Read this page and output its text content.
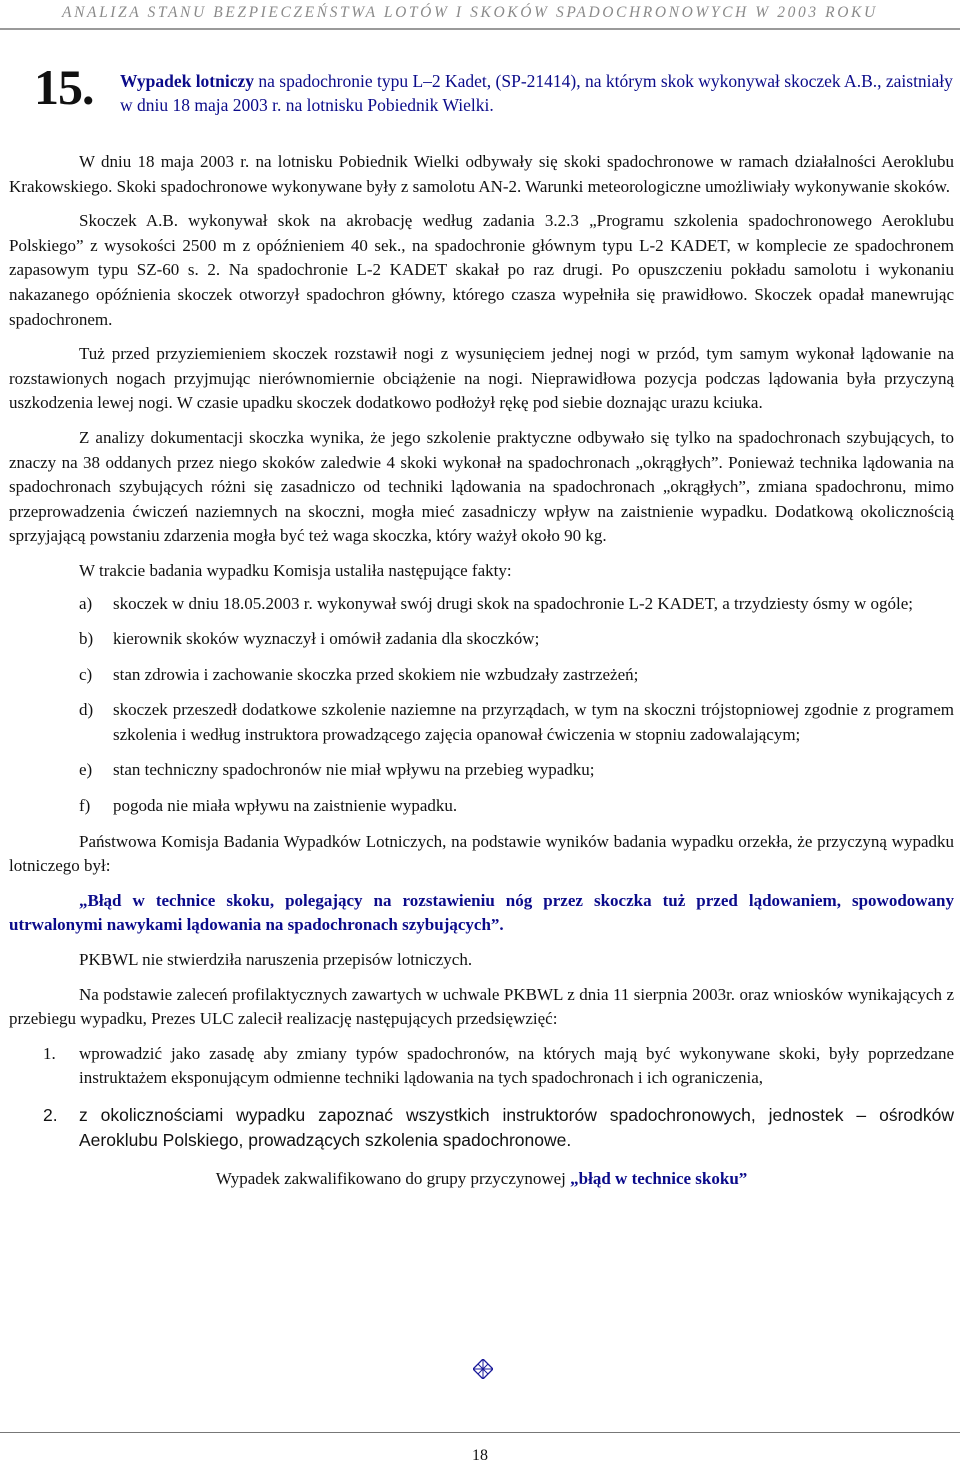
ANALIZA STANU BEZPIECZEŃSTWA LOTÓW I SKOKÓW SPADOCHRONOWYCH W 2003 ROKU
15. Wypadek lotniczy na spadochronie typu L–2 Kadet, (SP-21414), na którym skok wykonywał skoczek A.B., zaistniały w dniu 18 maja 2003 r. na lotnisku Pobiednik Wielki.

W dniu 18 maja 2003 r. na lotnisku Pobiednik Wielki odbywały się skoki spadochronowe w ramach działalności Aeroklubu Krakowskiego. Skoki spadochronowe wykonywane były z samolotu AN-2. Warunki meteorologiczne umożliwiały wykonywanie skoków.

Skoczek A.B. wykonywał skok na akrobację według zadania 3.2.3 „Programu szkolenia spadochronowego Aeroklubu Polskiego” z wysokości 2500 m z opóźnieniem 40 sek., na spadochronie głównym typu L-2 KADET, w komplecie ze spadochronem zapasowym typu SZ-60 s. 2. Na spadochronie L-2 KADET skakał po raz drugi. Po opuszczeniu pokładu samolotu i wykonaniu nakazanego opóźnienia skoczek otworzył spadochron główny, którego czasza wypełniła się prawidłowo. Skoczek opadał manewrując spadochronem.

Tuż przed przyziemieniem skoczek rozstawił nogi z wysunięciem jednej nogi w przód, tym samym wykonał lądowanie na rozstawionych nogach przyjmując nierównomiernie obciążenie na nogi. Nieprawidłowa pozycja podczas lądowania była przyczyną uszkodzenia lewej nogi. W czasie upadku skoczek dodatkowo podłożył rękę pod siebie doznając urazu kciuka.

Z analizy dokumentacji skoczka wynika, że jego szkolenie praktyczne odbywało się tylko na spadochronach szybujących, to znaczy na 38 oddanych przez niego skoków zaledwie 4 skoki wykonał na spadochronach „okrągłych”. Ponieważ technika lądowania na spadochronach szybujących różni się zasadniczo od techniki lądowania na spadochronach „okrągłych”, zmiana spadochronu, mimo przeprowadzenia ćwiczeń naziemnych na skoczni, mogła mieć zasadniczy wpływ na zaistnienie wypadku. Dodatkową okolicznością sprzyjającą powstaniu zdarzenia mogła być też waga skoczka, który ważył około 90 kg.

W trakcie badania wypadku Komisja ustaliła następujące fakty:

a) skoczek w dniu 18.05.2003 r. wykonywał swój drugi skok na spadochronie L-2 KADET, a trzydziesty ósmy w ogóle;
b) kierownik skoków wyznaczył i omówił zadania dla skoczków;
c) stan zdrowia i zachowanie skoczka przed skokiem nie wzbudzały zastrzeżeń;
d) skoczek przeszedł dodatkowe szkolenie naziemne na przyrządach, w tym na skoczni trójstopniowej zgodnie z programem szkolenia i według instruktora prowadzącego zajęcia opanował ćwiczenia w stopniu zadowalającym;
e) stan techniczny spadochronów nie miał wpływu na przebieg wypadku;
f) pogoda nie miała wpływu na zaistnienie wypadku.

Państwowa Komisja Badania Wypadków Lotniczych, na podstawie wyników badania wypadku orzekła, że przyczyną wypadku lotniczego był:

„Błąd w technice skoku, polegający na rozstawieniu nóg przez skoczka tuż przed lądowaniem, spowodowany utrwalonymi nawykami lądowania na spadochronach szybujących”.

PKBWL nie stwierdziła naruszenia przepisów lotniczych.

Na podstawie zaleceń profilaktycznych zawartych w uchwale PKBWL z dnia 11 sierpnia 2003r. oraz wniosków wynikających z przebiegu wypadku, Prezes ULC zalecił realizację następujących przedsięwzięć:

1. wprowadzić jako zasadę aby zmiany typów spadochronów, na których mają być wykonywane skoki, były poprzedzane instruktażem eksponującym odmienne techniki lądowania na tych spadochronach i ich ograniczenia,
2. z okolicznościami wypadku zapoznać wszystkich instruktorów spadochronowych, jednostek – ośrodków Aeroklubu Polskiego, prowadzących szkolenia spadochronowe.

Wypadek zakwalifikowano do grupy przyczynowej „błąd w technice skoku”

18
